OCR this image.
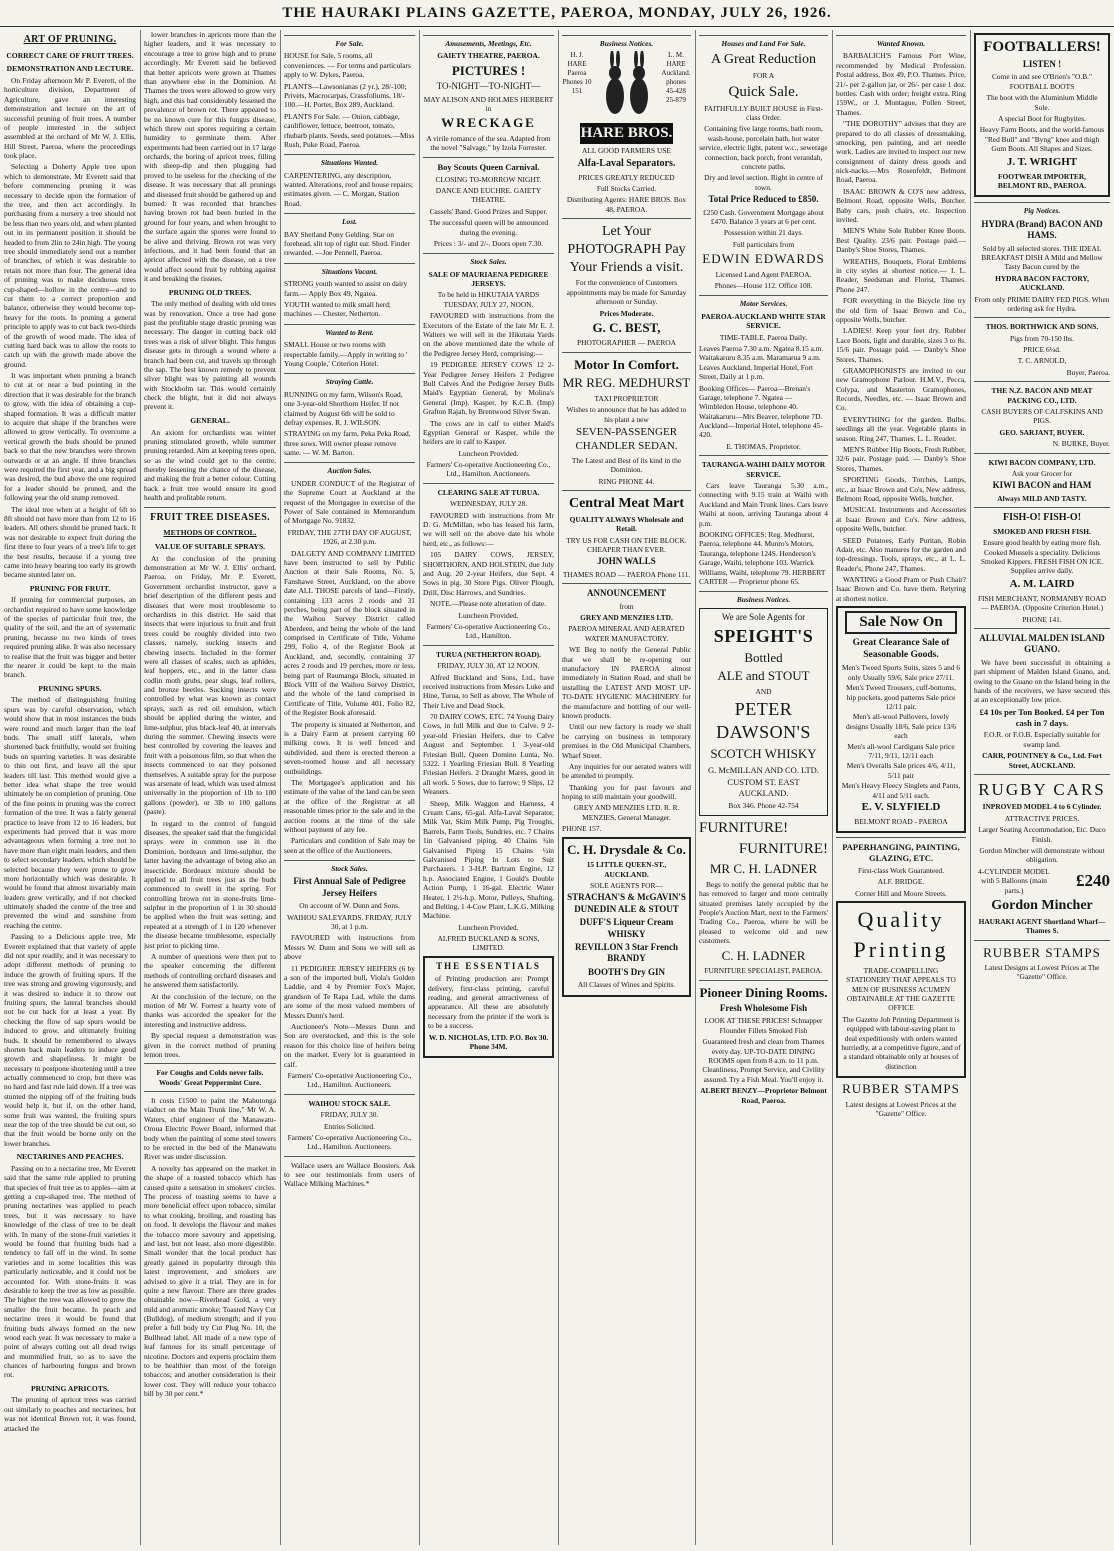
THE HAURAKI PLAINS GAZETTE, PAEROA, MONDAY, JULY 26, 1926.
ART OF PRUNING.
CORRECT CARE OF FRUIT TREES.
DEMONSTRATION AND LECTURE.

On Friday afternoon Mr P. Everett, of the horticulture division, Department of Agriculture, gave an interesting demonstration and lecture on the art of successful pruning of fruit trees. A number of people interested in the subject assembled at the orchard of Mr W. J. Ellis, Hill Street, Paeroa, where the proceedings took place.

Selecting a Doherty Apple tree upon which to demonstrate, Mr Everett said that before commencing pruning it was necessary to decide upon the formation of the tree, and then act accordingly. In purchasing from a nursery a tree should not be less than two years old, and when planted out in its permanent position it should be headed to from 2lin to 24in high. The young tree should immediately send out a number of branches, of which it was desirable to retain not more than four. The general idea of pruning was to make deciduous trees cup-shaped—hollow in the centre—and to cut them to a correct proportion and balance, otherwise they would become top-heavy for the roots. In pruning a general principle to apply was to cut back two-thirds of the growth of wood made. The idea of cutting hard back was to allow the roots to catch up with the growth made above the ground.

It was important when pruning a branch to cut at or near a bud pointing in the direction that it was desirable for the branch to grow, with the idea of obtaining a cup-shaped formation. It was a difficult matter to acquire that shape if the branches were allowed to grow vertically. To overcome a vertical growth the buds should be pruned back so that the new branches were thrown outwards or at an angle. If three branches were required the first year, and a big spread was desired, the bud above the one required for a leader should be pruned, and the following year the old stump removed.

The ideal tree when at a height of 6ft to 8ft should not have more than from 12 to 16 leaders. All others should be pruned back. It was not desirable to expect fruit during the first three to four years of a tree's life to get the best results, because if a young tree came into heavy bearing too early its growth became stunted later on.

PRUNING FOR FRUIT.

If pruning for commercial purposes, an orchardist required to have some knowledge of the species of particular fruit tree, the quality of the soil, and the art of systematic pruning, because no two kinds of trees required pruning alike. It was also necessary to realise that the fruit was bigger and better the nearer it could be kept to the main branch.

PRUNING SPURS.

The method of distinguishing fruiting spurs was by careful observation, which would show that in most instances the buds were round and much larger than the leaf buds. The small stiff laterals, when shortened back fruitfully, would set fruiting buds on spurring varieties. It was desirable to thin out first, and leave all the spur leaders till last. This method would give a better idea what shape the tree would ultimately be on completion of pruning. One of the fine points in pruning was the correct formation of the tree. It was a fairly general practice to leave from 12 to 16 leaders, but experiments had proved that it was more advantageous when forming a tree not to have more than eight main leaders, and then to select secondary leaders, which should be selected because they were prone to grow more horizontally which was desirable. It would be found that almost invariably main leaders grew vertically, and if not checked ultimately shaded the centre of the tree and prevented the wind and sunshine from reaching the centre.

Passing to a Delicious apple tree, Mr Everett explained that that variety of apple did not spur readily, and it was necessary to adopt different methods of pruning to induce the growth of fruiting spurs. If the tree was strong and growing vigorously, and it was desired to induce it to throw out fruiting spurs, the lateral branches should not be cut back for at least a year. By checking the flow of sap spurs would be induced to grow, and ultimately fruiting buds. It should be remembered to always shorten back main leaders to induce good growth and shapeliness. It might be necessary to postpone shortening until a tree actually commenced to crop, but there was no hard and fast rule laid down. If a tree was stunted the nipping off of the fruiting buds would help it, but if, on the other hand, some fruit was wanted, the fruiting spurs near the top of the tree should be cut out, so that the fruit would be borne only on the lower branches.

NECTARINES AND PEACHES.

Passing on to a nectarine tree, Mr Everett said that the same rule applied to pruning that species of fruit tree as to apples—aim at getting a cup-shaped tree. The method of pruning nectarines was applied to peach trees, but it was necessary to have knowledge of the class of tree to be dealt with. In many of the stone-fruit varieties it would be found that fruiting buds had a tendency to fall off in the wind. In some varieties and in some localities this was particularly noticeable, and it could not be accounted for. With stone-fruits it was desirable to keep the tree as low as possible. The higher the tree was allowed to grow the smaller the fruit became. In peach and nectarine trees it would be found that fruiting buds always formed on the new wood each year. It was necessary to make a point of always cutting out all dead twigs and mummified fruit, so as to save the chances of harbouring fungus and brown rot.

PRUNING APRICOTS.

The pruning of apricot trees was carried out similarly to peaches and nectarines, but was not identical Brown rot, it was found, attacked the

lower branches in apricots more than the higher leaders, and it was necessary to encourage a tree to grow high and to prune accordingly. Mr Everett said he believed that better apricots were grown at Thames than anywhere else in the Dominion. At Thames the trees were allowed to grow very high, and this had considerably lessened the prevalence of brown rot. There appeared to be no known cure for this fungus disease, which threw out spores requiring a certain humidity to germinate them. After experiments had been carried out in 17 large orchards, the boring of apricot trees, filling with sheep-dip and then plugging had proved to be useless for the checking of the disease. It was necessary that all prunings and diseased fruit should be gathered up and burned. It was recorded that branches having brown rot had been buried in the ground for four years, and when brought to the surface again the spores were found to be alive and thriving. Brown rot was very infectious, and it had been found that an apricot affected with the disease, on a tree would affect sound fruit by rubbing against it and breaking the tissues.

PRUNING OLD TREES.

The only method of dealing with old trees was by renovation. Once a tree had gone past the profitable stage drastic pruning was necessary. The danger in cutting back old trees was a risk of silver blight. This fungus disease gets in through a wound where a branch had been cut, and travels up through the sap. The best known remedy to prevent silver blight was by painting all wounds with Stockholm tar. This would certainly check the blight, but it did not always prevent it.

GENERAL.

An axiom for orchardists was winter pruning stimulated growth, while summer pruning retarded. Aim at keeping trees open, so as the wind could get to the centre, thereby lessening the chance of the disease, and making the fruit a better colour. Cutting back a fruit tree would ensure its good health and profitable return.

FRUIT TREE DISEASES.
METHODS OF CONTROL.
VALUE OF SUITABLE SPRAYS.

At the conclusion of the pruning demonstration at Mr W. J. Ellis' orchard, Paeroa, on Friday, Mr P. Everett, Government orchardist instructor, gave a brief description of the different pests and diseases that were most troublesome to orchardists in this district. He said that insects that were injurious to fruit and fruit trees could be roughly divided into two classes, namely, sucking insects and chewing insects. Included in the former were all classes of scales, such as aphides, leaf hoppers, etc., and in the latter class codlin moth grubs, pear slugs, leaf rollers, and bronze beetles. Sucking insects were controlled by what was known as contact sprays, such as red oil emulsion, which should be applied during the winter, and lime-sulphur, plus black-leaf 40, at intervals during the summer. Chewing insects were best controlled by covering the leaves and fruit with a poisonous film, so that when the insects commenced to eat they poisoned themselves. A suitable spray for the purpose was arsenate of lead, which was used almost universally in the proportion of 1lb to 100 gallons (powder), or 3lb to 100 gallons (paste).

In regard to the control of fungoid diseases, the speaker said that the fungicidal sprays were in common use in the Dominion, bordeaux and lime-sulphur, the latter having the advantage of being also an insecticide. Bordeaux mixture should be applied to all fruit trees just as the buds commenced to swell in the spring. For controlling brown rot in stone-fruits lime-sulphur in the proportion of 1 in 30 should be applied when the fruit was setting, and repeated at a strength of 1 in 120 whenever the disease became troublesome, especially just prior to picking time.

A number of questions were then put to the speaker concerning the different methods of controlling orchard diseases and he answered them satisfactorily.

At the conclusion of the lecture, on the motion of Mr W. Forrest a hearty vote of thanks was accorded the speaker for the interesting and instructive address.

By special request a demonstration was given in the correct method of pruning lemon trees.

For Coughs and Colds never fails. Woods' Great Peppermint Cure.

It costs £1500 to paint the Mahutonga viaduct on the Main Trunk line," Mr W. A. Waters, chief engineer of the Manawatu-Oroua Electric Power Board, informed that body when the painting of some steel towers to be erected in the bed of the Manawatu River was under discussion.

A novelty has appeared on the market in the shape of a toasted tobacco which has caused quite a sensation in smokers' circles. The process of toasting seems to have a more beneficial effect upon tobacco, similar to what cooking, broiling, and roasting has on food. It develops the flavour and makes the tobacco more savoury and appetising, and last, but not least, also more digestible. Small wonder that the local product has greatly gained in popularity through this latest improvement, and smokers are advised to give it a trial. They are in for quite a new flavour. There are three grades obtainable now—Riverhead Gold, a very mild and aromatic smoke; Toasted Navy Cut (Bulldog), of medium strength; and if you prefer a full body try Cut Plug No. 10, the Bullhead label. All made of a new type of leaf famous for its small percentage of nicotine. Doctors and experts proclaim them to be healthier than most of the foreign tobaccos; and another consideration is their lower cost. They will reduce your tobacco bill by 30 per cent.*

For Sale.

HOUSE for Sale, 5 rooms, all conveniences. — For terms and particulars apply to W. Dykes, Paeroa.

PLANTS—Lawsonianas (2 yr.), 28/-100; Privets, Macrocarpas, Crassfoliums, 18/- 100.—H. Porter, Box 289, Auckland.

PLANTS For Sale. — Onion, cabbage, cauliflower, lettuce, beetroot, tomato, rhubarb plants. Seeds, seed potatoes.—Miss Rush, Puke Road, Paeroa.

Situations Wanted.

CARPENTERING, any description, wanted. Alterations, roof and house repairs; estimates given. — C. Morgan, Station Road.

Lost.

BAY Shetland Pony Gelding. Star on forehead, slit top of right ear. Shod. Finder rewarded. —Joe Pennell, Paeroa.

Situations Vacant.

STRONG youth wanted to assist on dairy farm.— Apply Box 49, Ngatea.

YOUTH wanted to milk small herd; machines — Chester, Netherton.

Wanted to Rent.

SMALL House or two rooms with respectable family.—Apply in writing to ' Young Couple,' Criterion Hotel.

Straying Cattle.

RUNNING on my farm, Wilson's Road, one 3-year-old Shorthorn Heifer. If not claimed by August 6th will be sold to defray expenses. R. J. WILSON.

STRAYING on my farm, Peka Peka Road, three sows. Will owner please remove same. — W. M. Barton.

Auction Sales.

UNDER CONDUCT of the Registrar of the Supreme Court at Auckland at the request of the Mortgagee in exercise of the Power of Sale contained in Memorandum of Mortgage No. 91832.

FRIDAY, THE 27TH DAY OF AUGUST, 1926, at 2.30 p.m.

DALGETY AND COMPANY LIMITED have been instructed to sell by Public Auction at their Sale Rooms, No. 5, Fanshawe Street, Auckland, on the above date ALL THOSE parcels of land—Firstly, containing 133 acres 2 roods and 31 perches, being part of the block situated in the Waihou Survey District called Aberdeen, and being the whole of the land comprised in Certificate of Title, Volume 299, Folio 4, of the Register Book at Auckland, and, secondly, containing 37 acres 2 roods and 19 perches, more or less, being part of Raumanga Block, situated in Block VIII of the Waihou Survey District, and the whole of the land comprised in Certificate of Title, Volume 401, Folio 82, of the Register Book aforesaid.

The property is situated at Netherton, and is a Dairy Farm at present carrying 60 milking cows. It is well fenced and subdivided, and there is erected thereon a seven-roomed house and all necessary outbuildings.

The Mortgagee's application and his estimate of the value of the land can be seen at the office of the Registrar at all reasonable times prior to the sale and in the auction rooms at the time of the sale without payment of any fee.

Particulars and condition of Sale may be seen at the office of the Auctioneers.

Stock Sales.

First Annual Sale of Pedigree Jersey Heifers

On account of W. Dunn and Sons.

WAIHOU SALEYARDS. FRIDAY, JULY 30, at 1 p.m.

FAVOURED with instructions from Messrs W. Dunn and Sons we will sell as above

11 PEDIGREE JERSEY HEIFERS (6 by a son of the imported bull, Viola's Golden Laddie, and 4 by Premier Fox's Major, grandson of Te Rapa Lad, while the dams are some of the most valued members of Messrs Dunn's herd.

Auctioneer's Note—Messrs Dunn and Son are overstocked, and this is the sole reason for this choice line of heifers being on the market. Every lot is guaranteed in calf.

Farmers' Co-operative Auctioneering Co., Ltd., Hamilton. Auctioneers.

WAIHOU STOCK SALE.

FRIDAY, JULY 30.

Entries Solicited.

Farmers' Co-operative Auctioneering Co., Ltd., Hamilton. Auctioneers.

Wallace users are Wallace Boosters. Ask to see our testimonials from users of Wallace Milking Machines.*

Amusements, Meetings, Etc.

GAIETY THEATRE, PAEROA.

PICTURES !

TO-NIGHT—TO-NIGHT—

MAY ALISON AND HOLMES HERBERT in

WRECKAGE

A virile romance of the sea. Adapted from the novel "Salvage," by Izola Forrester.

Boy Scouts Queen Carnival.

CLOSING TO-MORROW NIGHT.

DANCE AND EUCHRE. GAIETY THEATRE.

Cassels' Band. Good Prizes and Supper.

The successful queen will be announced during the evening.

Prices : 3/- and 2/-. Doors open 7.30.

Stock Sales.

SALE OF MAURIAENA PEDIGREE JERSEYS.

To be held in HIKUTAIA YARDS TUESDAY, JULY 27, NOON.

FAVOURED with instructions from the Executors of the Estate of the late Mr E. J. Walters we will sell in the Hikutaia Yards on the above mentioned date the whole of the Pedigree Jersey Herd, comprising:—

19 PEDIGREE JERSEY COWS 12 2-Year Pedigree Jersey Heifers 2 Pedigree Bull Calves And the Pedigree Jersey Bulls Maid's Egyptian General, by Molina's General (Imp). Kasper, by K.C.B. (Imp) Grafton Rajah, by Brentwood Silver Swan.

The cows are in calf to either Maid's Egyptian General or Kasper, while the heifers are in calf to Kasper.

Luncheon Provided.

Farmers' Co-operative Auctioneering Co., Ltd., Hamilton. Auctioneers.

CLEARING SALE AT TURUA.

WEDNESDAY, JULY 28.

FAVOURED with instructions from Mr D. G. McMillan, who has leased his farm, we will sell on the above date his whole herd, etc., as follows:—

105 DAIRY COWS, JERSEY, SHORTHORN, AND HOLSTEIN, due July and Aug. 20 2-year Heifers, due Sept. 4 Sows in pig. 30 Store Pigs. Oliver Plough, Drill, Disc Harrows, and Sundries.

NOTE.—Please note alteration of date.

Luncheon Provided.

Farmers' Co-operative Auctioneering Co., Ltd., Hamilton.

TURUA (NETHERTON ROAD).

FRIDAY, JULY 30, AT 12 NOON.

Alfred Buckland and Sons, Ltd., have received instructions from Messrs Luke and Hine, Turua, to Sell as above, The Whole of Their Live and Dead Stock.

70 DAIRY COWS, ETC. 74 Young Dairy Cows, in full Milk and due to Calve. 9 2-year-old Friesian Heifers, due to Calve August and September. 1 3-year-old Friesian Bull, Queen Domino Lunta, No. 5322. 1 Yearling Friesian Bull. 8 Yearling Friesian Heifers. 2 Draught Mares, good in all work. 5 Sows, due to farrow; 9 Slips, 12 Weaners.

Sheep, Milk Waggon and Harness, 4 Cream Cans, 65-gal. Alfa-Laval Separator, Milk Vat, Skim Milk Pump, Pig Troughs, Barrels, Farm Tools, Sundries, etc. 7 Chains 1in Galvanised piping. 40 Chains ¾in Galvanised Piping 15 Chains ½in Galvanised Piping In Lots to Suit Purchasers. 1 3-H.P. Bartram Engine, 12 h.p. Associated Engine, 1 Gould's Double Action Pump, 1 16-gal. Electric Water Heater, 1 2½-h.p. Motor, Pulleys, Shafting, and Belting, 1 4-Cow Plant, L.K.G. Milking Machine.

Luncheon Provided.

ALFRED BUCKLAND & SONS, LIMITED.

THE ESSENTIALS

of Printing production are: Prompt delivery, first-class printing, careful reading, and general attractiveness of appearance. All these are absolutely necessary from the printer if the work is to be a success.

W. D. NICHOLAS, LTD. P.O. Box 30. Phone 34M.

Business Notices.

H. J. HARE Paeroa Phones 10 151

L. M. HARE Auckland. phones 45-428 25-879

HARE BROS.

ALL GOOD FARMERS USE

Alfa-Laval Separators.

PRICES GREATLY REDUCED

Full Stocks Carried.

Distributing Agents: HARE BROS. Box 48, PAEROA.

Let Your PHOTOGRAPH Pay Your Friends a visit.

For the convenience of Customers appointments may be made for Saturday afternoon or Sunday.

Prices Moderate.

G. C. BEST,

PHOTOGRAPHER — PAEROA

Motor In Comfort.

MR REG. MEDHURST

TAXI PROPRIETOR

Wishes to announce that he has added to his plant a new

SEVEN-PASSENGER CHANDLER SEDAN.

The Latest and Best of its kind in the Dominion.

RING PHONE 44.

Central Meat Mart

QUALITY ALWAYS Wholesale and Retail.

TRY US FOR CASH ON THE BLOCK. CHEAPER THAN EVER.

JOHN WALLS

THAMES ROAD — PAEROA Phone 111.

ANNOUNCEMENT

from

GREY AND MENZIES LTD.

PAEROA MINERAL AND AERATED WATER MANUFACTORY.

WE Beg to notify the General Public that we shall be re-opening our manufactory IN PAEROA almost immediately in Station Road, and shall be installing the LATEST AND MOST UP-TO-DATE HYGIENIC MACHINERY for the manufacture and bottling of our well-known products.

Until our new factory is ready we shall be carrying on business in temporary premises in the Old Municipal Chambers, Wharf Street.

Any inquiries for our aerated waters will be attended to promptly.

Thanking you for past favours and hoping to still maintain your goodwill.

GREY AND MENZIES LTD. R. R. MENZIES, General Manager.

PHONE 157.

C. H. Drysdale & Co.

15 LITTLE QUEEN-ST., AUCKLAND.

SOLE AGENTS FOR—

STRACHAN'S & McGAVIN'S DUNEDIN ALE & STOUT

DUFF'S Liqueur Cream WHISKY

REVILLON 3 Star French BRANDY

BOOTH'S Dry GIN

All Classes of Wines and Spirits.

Houses and Land For Sale.

A Great Reduction

FOR A

Quick Sale.

FAITHFULLY BUILT HOUSE in First-class Order.

Containing five large rooms, bath room, wash-house, porcelain bath, hot water service, electric light, patent w.c., sewerage connection, back porch, front verandah, concrete paths.

Dry and level section. Right in centre of town.

Total Price Reduced to £850.

£250 Cash. Government Mortgage about £470. Balance 3 years at 6 per cent.

Possession within 21 days.

Full particulars from

EDWIN EDWARDS

Licensed Land Agent PAEROA.

Phones—House 112. Office 108.

Motor Services.

PAEROA-AUCKLAND WHITE STAR SERVICE.

TIME-TABLE. Paeroa Daily.

Leaves Paeroa 7.30 a.m. Ngatea 8.15 a.m. Waitakaruru 8.35 a.m. Maramarua 9 a.m. Leaves Auckland, Imperial Hotel, Fort Street, Daily at 1 p.m.

Booking Offices— Paeroa—Brenan's Garage, telephone 7. Ngatea — Wimbledon House, telephone 40. Waitakaruru—Mrs Beaver, telephone 7D. Auckland—Imperial Hotel, telephone 45-420.

E. THOMAS, Proprietor.

TAURANGA-WAIHI DAILY MOTOR SERVICE.

Cars leave Tauranga 5.30 a.m., connecting with 9.15 train at Waihi with Auckland and Main Trunk lines. Cars leave Waihi at noon, arriving Tauranga about 4 p.m.

BOOKING OFFICES: Reg. Medhurst, Paeroa, telephone 44. Munro's Motors, Tauranga, telephone 124S. Henderson's Garage, Waihi, telephone 103. Warrick Williams, Waihi, telephone 79. HERBERT CARTER — Proprietor phone 65.

Business Notices.

We are Sole Agents for

SPEIGHT'S

Bottled

ALE and STOUT

AND

PETER DAWSON'S

SCOTCH WHISKY

G. McMILLAN AND CO. LTD.

CUSTOM ST. EAST AUCKLAND.

Box 346. Phone 42-754

FURNITURE!

FURNITURE!

MR C. H. LADNER

Begs to notify the general public that he has removed to larger and more centrally situated premises lately occupied by the People's Auction Mart, next to the Farmers' Trading Co., Paeroa, where he will be pleased to welcome old and new customers.

C. H. LADNER

FURNITURE SPECIALIST, PAEROA.

Pioneer Dining Rooms.

Fresh Wholesome Fish

LOOK AT THESE PRICES! Schnapper Flounder Fillets Smoked Fish

Guaranteed fresh and clean from Thames every day. UP-TO-DATE DINING ROOMS open from 8 a.m. to 11 p.m. Cleanliness, Prompt Service, and Civility assured. Try a Fish Meal. You'll enjoy it.

ALBERT BENZY—Proprietor Belmont Road, Paeroa.

Wanted Known.

BARBALICH'S Famous Port Wine, recommended by Medical Profession. Postal address, Box 49, P.O. Thames. Price, 21/- per 2-gallon jar, or 26/- per case 1 doz. bottles. Cash with order; freight extra. Ring 159W., or J. Montague, Pollen Street, Thames.

"THE DOROTHY" advises that they are prepared to do all classes of dressmaking, smocking, pen painting, and art needle work. Ladies are invited to inspect our new consignment of dainty dress goods and nick-nacks.—Mrs Rosenfeldt, Belmont Road, Paeroa.

ISAAC BROWN & CO'S new address, Belmont Road, opposite Wells, Butcher. Baby cars, push chairs, etc. Inspection invited.

MEN'S White Sole Rubber Knee Boots. Best Quality. 23/6 pair. Postage paid.—Danby's Shoe Stores, Thames.

WREATHS, Bouquets, Floral Emblems in city styles at shortest notice.— I. L. Reader, Seedsman and Florist, Thames. Phone 247.

FOR everything in the Bicycle line try the old firm of Isaac Brown and Co., opposite Wells, butcher.

LADIES! Keep your feet dry. Rubber Lace Boots, light and durable, sizes 3 to 8s. 15/6 pair. Postage paid. — Danby's Shoe Stores, Thames.

GRAMOPHONISTS are invited to our new Gramophone Parlour. H.M.V., Pecca, Colypa, and Masterton Gramophones, Records, Needles, etc. — Isaac Brown and Co.

EVERYTHING for the garden. Bulbs, seedlings all the year. Vegetable plants in season. Ring 247, Thames. L. L. Reader.

MEN'S Rubber Hip Boots, Fresh Rubber, 32/6 pair. Postage paid. — Danby's Shoe Stores, Thames.

SPORTING Goods, Torches, Lamps, etc., at Isaac Brown and Co's, New address, Belmont Road, opposite Wells, butcher.

MUSICAL Instruments and Accessories at Isaac Brown and Co's. New address, opposite Wells, butcher.

SEED Potatoes, Early Puritan, Robin Adair, etc. Also manures for the garden and top-dressings. Tools, sprays, etc., at L. L. Reader's, Phone 247, Thames.

WANTING a Good Pram or Push Chair? Isaac Brown and Co. have them. Retyring at shortest notice.

Sale Now On

Great Clearance Sale of Seasonable Goods.

Men's Tweed Sports Suits, sizes 5 and 6 only Usually 59/6, Sale price 27/11.
Men's Tweed Trousers, cuff-bottoms, hip pockets, good patterns Sale price 12/11 pair.
Men's all-wool Pullovers, lovely designs Usually 18/6, Sale price 13/6 each
Men's all-wool Cardigans Sale price 7/11, 9/11, 12/11 each
Men's Overalls Sale prices 4/6, 4/11, 5/11 pair
Men's Heavy Fleecy Singlets and Pants, 4/11 and 5/11 each.

E. V. SLYFIELD

BELMONT ROAD - PAEROA

PAPERHANGING, PAINTING, GLAZING, ETC.

First-class Work Guaranteed.

ALF. BRIDGE.

Corner Hill and Moore Streets.

Quality

Printing

TRADE-COMPELLING STATIONERY THAT APPEALS TO MEN OF BUSINESS ACUMEN OBTAINABLE AT THE GAZETTE OFFICE

The Gazette Job Printing Department is equipped with labour-saving plant to deal expeditiously with orders wanted hurriedly, at a competitive figure, and of a standard obtainable only at houses of distinction

RUBBER STAMPS

Latest designs at Lowest Prices at the "Gazette" Office.

FOOTBALLERS!

LISTEN !

Come in and see O'Brien's "O.B." FOOTBALL BOOTS

The boot with the Aluminium Middle Sole.

A special Boot for Rugbyites.

Heavy Farm Boots, and the world-famous "Red Bull" and "Byng" knee and thigh Gum Boots. All Shapes and Sizes.

J. T. WRIGHT

FOOTWEAR IMPORTER, BELMONT RD., PAEROA.

Pig Notices.

HYDRA (Brand) BACON AND HAMS.

Sold by all selected stores. THE IDEAL BREAKFAST DISH A Mild and Mellow Tasty Bacon cured by the

HYDRA BACON FACTORY, AUCKLAND.

From only PRIME DAIRY FED PIGS. When ordering ask for Hydra.

THOS. BORTHWICK AND SONS.

Pigs from 70-150 lbs.

PRICE 6¼d.

T. C. ARNOLD,

Buyer, Paeroa.

THE N.Z. BACON AND MEAT PACKING CO., LTD.

CASH BUYERS OF CALFSKINS AND PIGS.

GEO. SARJANT, BUYER.

N. BURKE, Buyer.

KIWI BACON COMPANY, LTD.

Ask your Grocer for

KIWI BACON and HAM

Always MILD AND TASTY.

FISH-O! FISH-O!

SMOKED AND FRESH FISH.

Ensure good health by eating more fish. Cooked Mussels a speciality. Delicious Smoked Kippers. FRESH FISH ON ICE. Supplies arrive daily.

A. M. LAIRD

FISH MERCHANT, NORMANBY ROAD — PAEROA. (Opposite Criterion Hotel.)

PHONE 141.

ALLUVIAL MALDEN ISLAND GUANO.

We have been successful in obtaining a part shipment of Malden Island Guano, and, owing to the Guano on the Island being in the hands of the receivers, we have secured this at an exceptionally low price.

£4 10s per Ton Booked. £4 per Ton cash in 7 days.

F.O.R. or F.O.B. Especially suitable for swamp land.

CARR, POUNTNEY & Co., Ltd. Fort Street, AUCKLAND.

RUGBY CARS

INPROVED MODEL 4 to 6 Cylinder.

ATTRACTIVE PRICES.

Larger Seating Accommodation, Etc. Duco Finish.

Gordon Mincher will demonstrate without obligation.

4-CYLINDER MODEL with 5 Balloons (main parts.)	£240

Gordon Mincher

HAURAKI AGENT Shortland Wharf—Thames S.

RUBBER STAMPS

Latest Designs at Lowest Prices at The "Gazette" Office.
